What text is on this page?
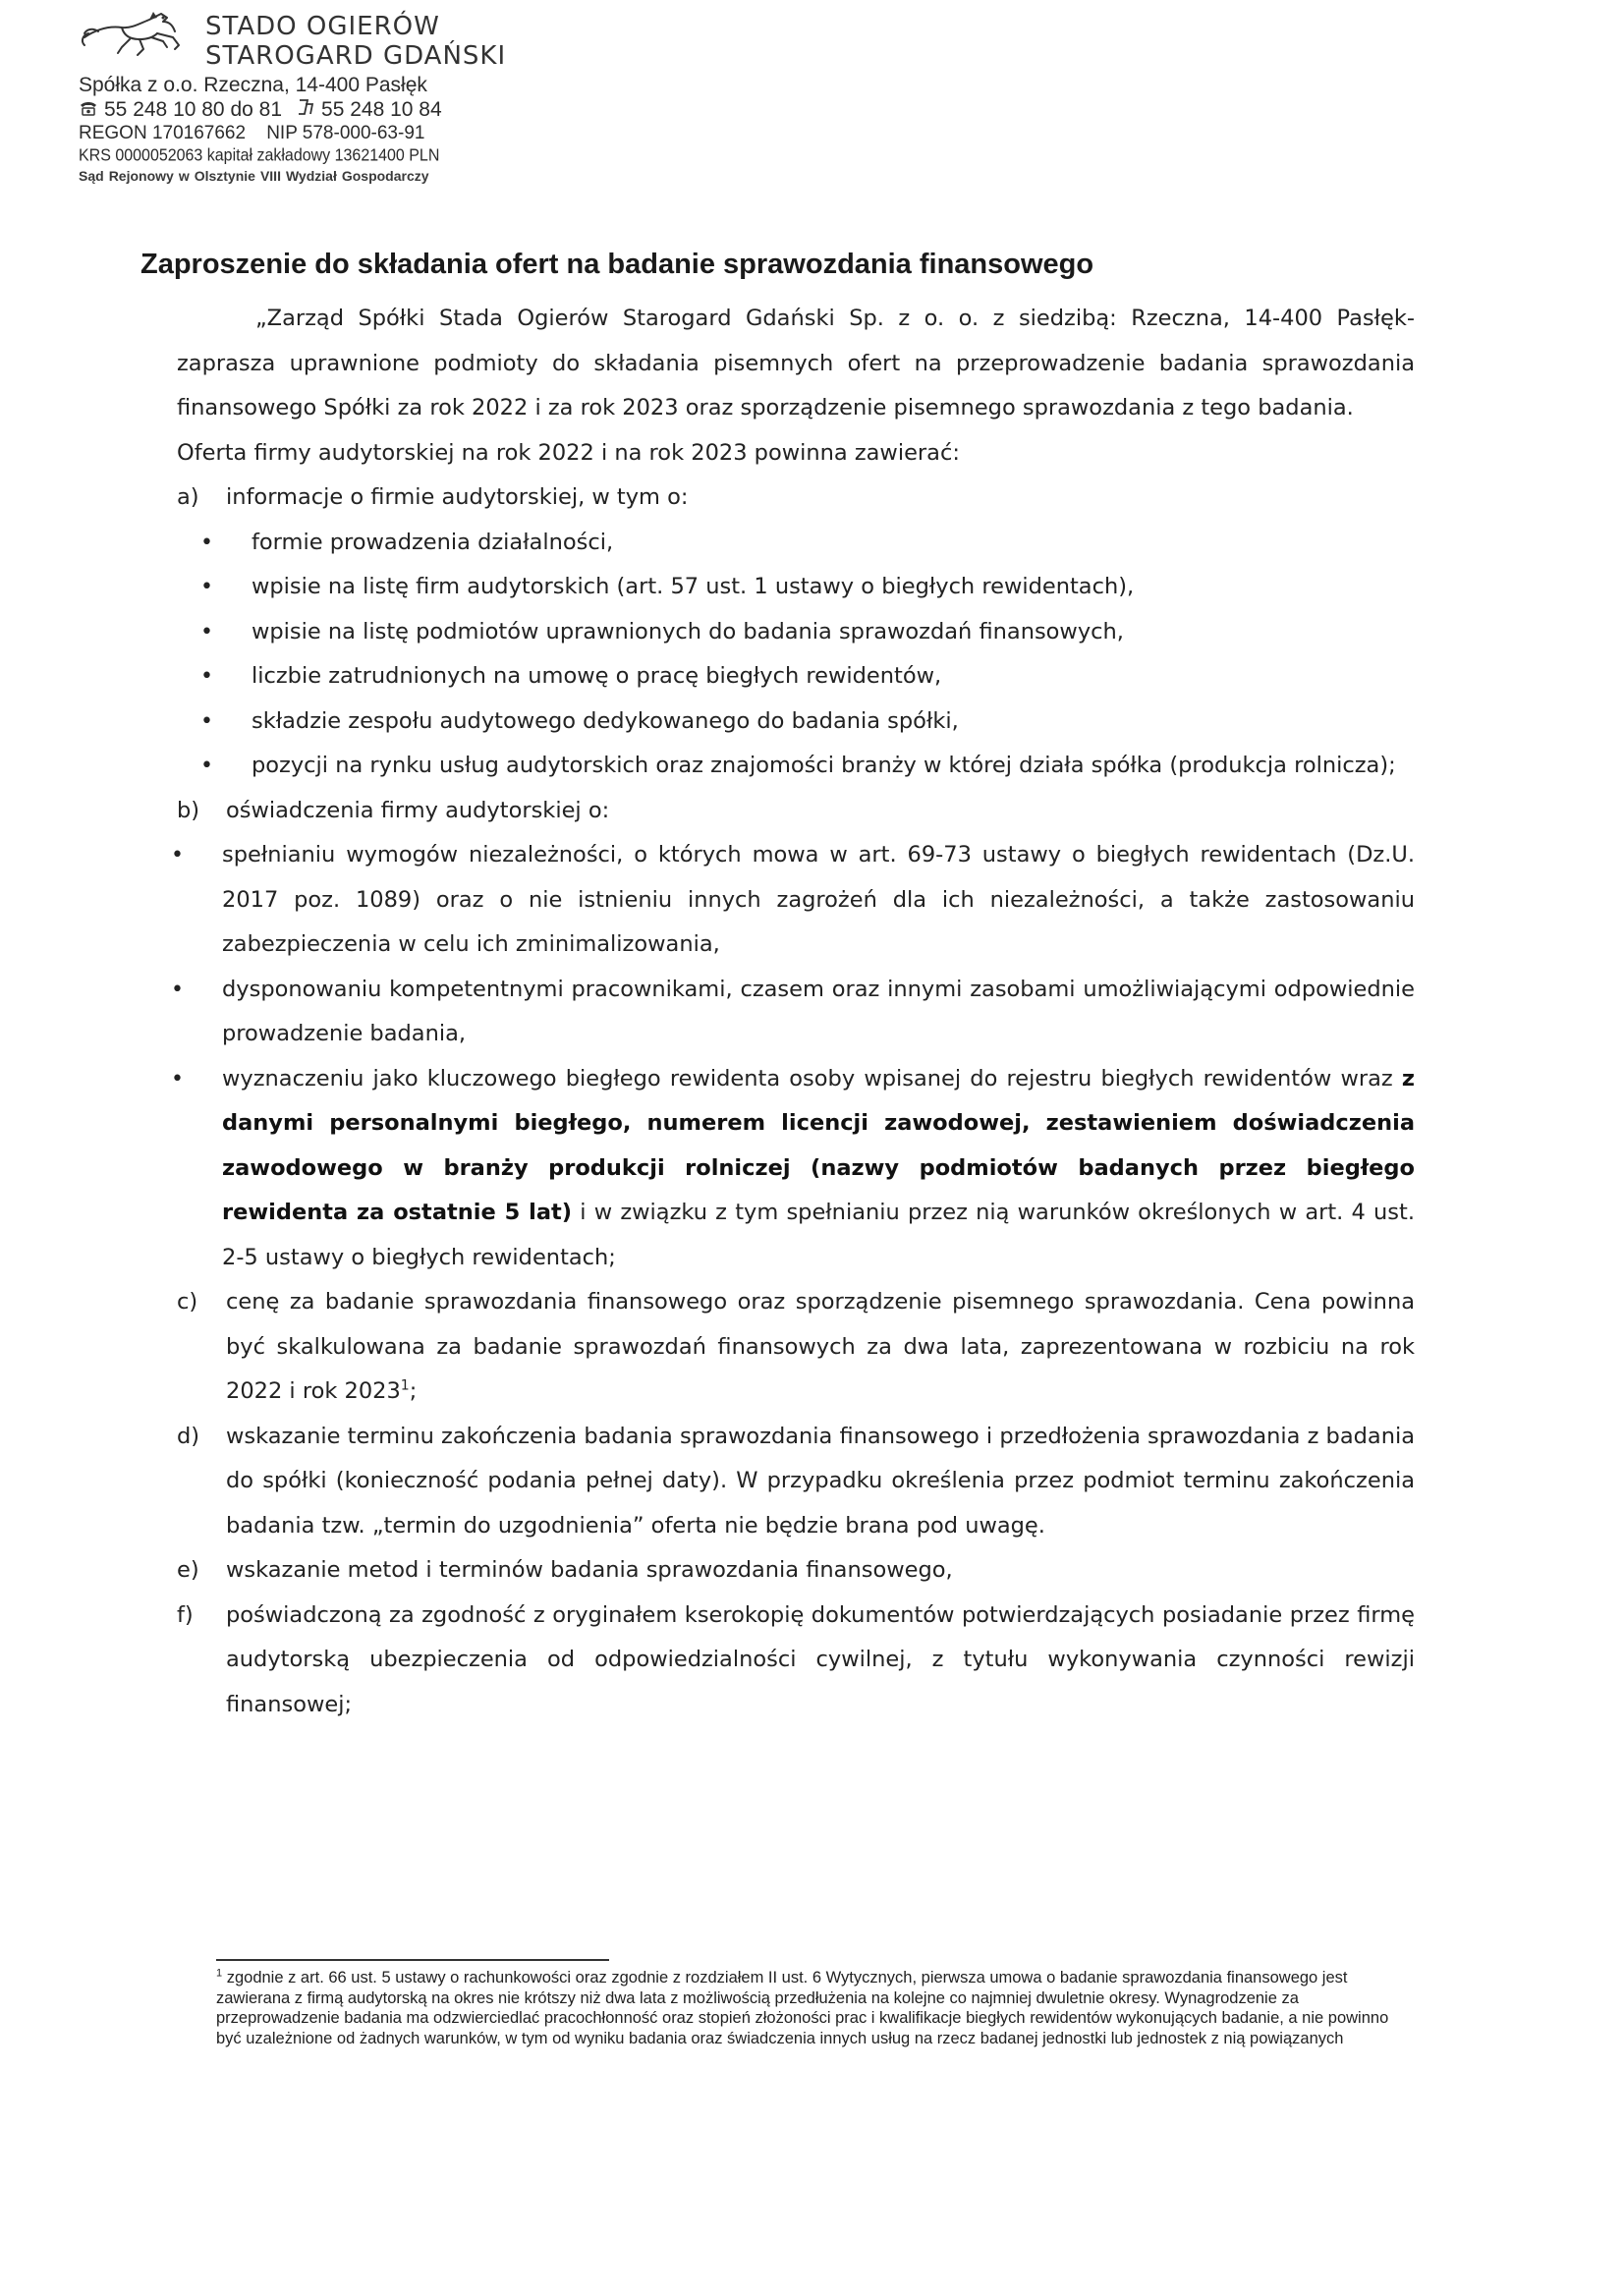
STADO OGIERÓW
STAROGARD GDAŃSKI
Spółka z o.o. Rzeczna, 14-400 Pasłęk
55 248 10 80 do 81 55 248 10 84
REGON 170167662 NIP 578-000-63-91
KRS 0000052063 kapitał zakładowy 13621400 PLN
Sąd Rejonowy w Olsztynie VIII Wydział Gospodarczy
Zaproszenie do składania ofert na badanie sprawozdania finansowego

„Zarząd Spółki Stada Ogierów Starogard Gdański Sp. z o. o. z siedzibą: Rzeczna, 14-400 Pasłęk-

zaprasza uprawnione podmioty do składania pisemnych ofert na przeprowadzenie badania sprawozdania finansowego Spółki za rok 2022 i za rok 2023 oraz sporządzenie pisemnego sprawozdania z tego badania.

Oferta firmy audytorskiej na rok 2022 i na rok 2023 powinna zawierać:

a)	informacje o firmie audytorskiej, w tym o:
•	formie prowadzenia działalności,
•	wpisie na listę firm audytorskich (art. 57 ust. 1 ustawy o biegłych rewidentach),
•	wpisie na listę podmiotów uprawnionych do badania sprawozdań finansowych,
•	liczbie zatrudnionych na umowę o pracę biegłych rewidentów,
•	składzie zespołu audytowego dedykowanego do badania spółki,
•	pozycji na rynku usług audytorskich oraz znajomości branży w której działa spółka (produkcja rolnicza);
b)	oświadczenia firmy audytorskiej o:
•	spełnianiu wymogów niezależności, o których mowa w art. 69-73 ustawy o biegłych rewidentach (Dz.U. 2017 poz. 1089) oraz o nie istnieniu innych zagrożeń dla ich niezależności, a także zastosowaniu zabezpieczenia w celu ich zminimalizowania,
•	dysponowaniu kompetentnymi pracownikami, czasem oraz innymi zasobami umożliwiającymi odpowiednie prowadzenie badania,
•	wyznaczeniu jako kluczowego biegłego rewidenta osoby wpisanej do rejestru biegłych rewidentów wraz z danymi personalnymi biegłego, numerem licencji zawodowej, zestawieniem doświadczenia zawodowego w branży produkcji rolniczej (nazwy podmiotów badanych przez biegłego rewidenta za ostatnie 5 lat) i w związku z tym spełnianiu przez nią warunków określonych w art. 4 ust. 2-5 ustawy o biegłych rewidentach;
c)	cenę za badanie sprawozdania finansowego oraz sporządzenie pisemnego sprawozdania. Cena powinna być skalkulowana za badanie sprawozdań finansowych za dwa lata, zaprezentowana w rozbiciu na rok 2022 i rok 2023$^1$;
d)	wskazanie terminu zakończenia badania sprawozdania finansowego i przedłożenia sprawozdania z badania do spółki (konieczność podania pełnej daty). W przypadku określenia przez podmiot terminu zakończenia badania tzw. „termin do uzgodnienia” oferta nie będzie brana pod uwagę.
e)	wskazanie metod i terminów badania sprawozdania finansowego,
f)	poświadczoną za zgodność z oryginałem kserokopię dokumentów potwierdzających posiadanie przez firmę audytorską ubezpieczenia od odpowiedzialności cywilnej, z tytułu wykonywania czynności rewizji finansowej;
$^1$ zgodnie z art. 66 ust. 5 ustawy o rachunkowości oraz zgodnie z rozdziałem II ust. 6 Wytycznych, pierwsza umowa o badanie sprawozdania finansowego jest zawierana z firmą audytorską na okres nie krótszy niż dwa lata z możliwością przedłużenia na kolejne co najmniej dwuletnie okresy. Wynagrodzenie za przeprowadzenie badania ma odzwierciedlać pracochłonność oraz stopień złożoności prac i kwalifikacje biegłych rewidentów wykonujących badanie, a nie powinno być uzależnione od żadnych warunków, w tym od wyniku badania oraz świadczenia innych usług na rzecz badanej jednostki lub jednostek z nią powiązanych
